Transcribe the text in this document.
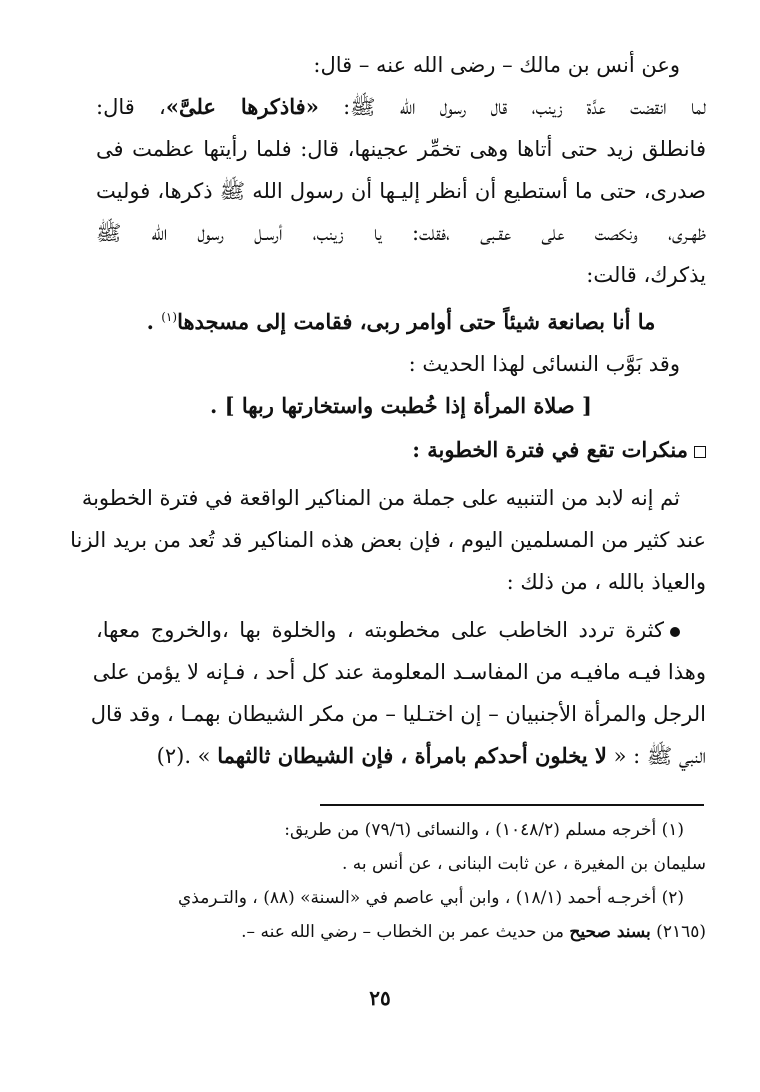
وعن أنس بن مالك – رضى الله عنه – قال:
لما انقضت عدَّة زينب، قال رسول الله ﷺ: «فاذكرها علىَّ»، قال:
فانطلق زيد حتى أتاها وهى تخمِّر عجينها، قال: فلما رأيتها عظمت فى
صدرى، حتى ما أستطيع أن أنظر إليـها أن رسول الله ﷺ ذكرها، فوليت
ظهـرى، ونكصت على عقـبى ،فقلت: يا زينب، أرسـل رسول الله ﷺ
يذكرك، قالت:
ما أنا بصانعة شيئاً حتى أوامر ربى، فقامت إلى مسجدها$^{(١)}$ .
وقد بَوَّب النسائى لهذا الحديث :
[ صلاة المرأة إذا خُطبت واستخارتها ربها ] .
منكرات تقع في فترة الخطوبة :
ثم إنه لابد من التنبيه على جملة من المناكير الواقعة في فترة الخطوبة
عند كثير من المسلمين اليوم ، فإن بعض هذه المناكير قد تُعد من بريد الزنا
والعياذ بالله ، من ذلك :
كثرة تردد الخاطب على مخطوبته ، والخلوة بها ،والخروج معها،
وهذا فيـه مافيـه من المفاسـد المعلومة عند كل أحد ، فـإنه لا يؤمن على
الرجل والمرأة الأجنبيان – إن اختـليا – من مكر الشيطان بهمـا ، وقد قال
النبي ﷺ : « لا يخلون أحدكم بامرأة ، فإن الشيطان ثالثهما » .(٢)
(١) أخرجه مسلم (١٠٤٨/٢) ، والنسائى (٧٩/٦) من طريق:
سليمان بن المغيرة ، عن ثابت البنانى ، عن أنس به .
(٢) أخرجـه أحمد (١٨/١) ، وابن أبي عاصم في «السنة» (٨٨) ، والتـرمذي
(٢١٦٥) بسند صحيح من حديث عمر بن الخطاب – رضي الله عنه –.
٢٥
